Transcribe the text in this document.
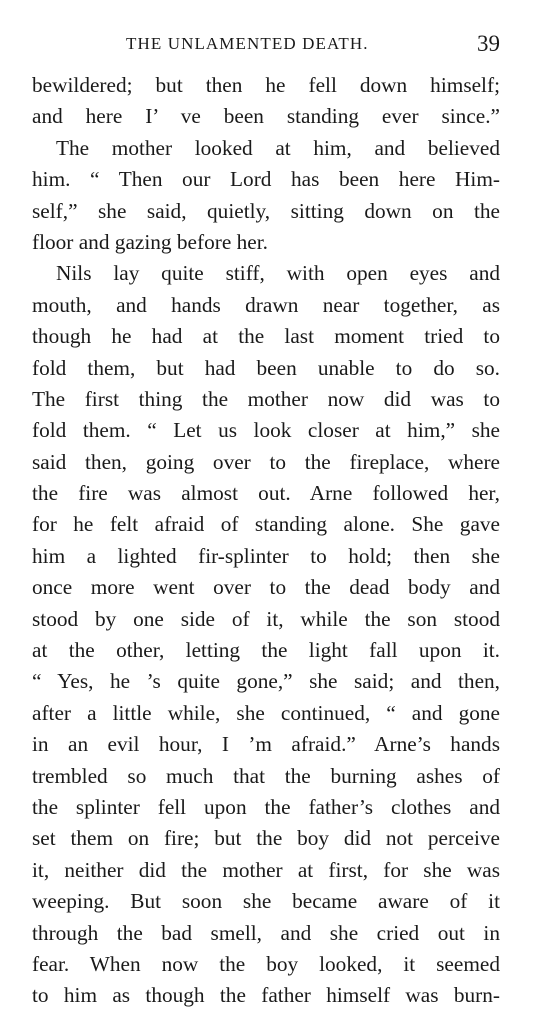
THE UNLAMENTED DEATH.	39
bewildered; but then he fell down himself;
and here I’ ve been standing ever since.”
The mother looked at him, and believed
him. “ Then our Lord has been here Him-
self,” she said, quietly, sitting down on the
floor and gazing before her.
Nils lay quite stiff, with open eyes and
mouth, and hands drawn near together, as
though he had at the last moment tried to
fold them, but had been unable to do so.
The first thing the mother now did was to
fold them. “ Let us look closer at him,” she
said then, going over to the fireplace, where
the fire was almost out. Arne followed her,
for he felt afraid of standing alone. She gave
him a lighted fir-splinter to hold; then she
once more went over to the dead body and
stood by one side of it, while the son stood
at the other, letting the light fall upon it.
“ Yes, he ’s quite gone,” she said; and then,
after a little while, she continued, “ and gone
in an evil hour, I ’m afraid.” Arne’s hands
trembled so much that the burning ashes of
the splinter fell upon the father’s clothes and
set them on fire; but the boy did not perceive
it, neither did the mother at first, for she was
weeping. But soon she became aware of it
through the bad smell, and she cried out in
fear. When now the boy looked, it seemed
to him as though the father himself was burn-
